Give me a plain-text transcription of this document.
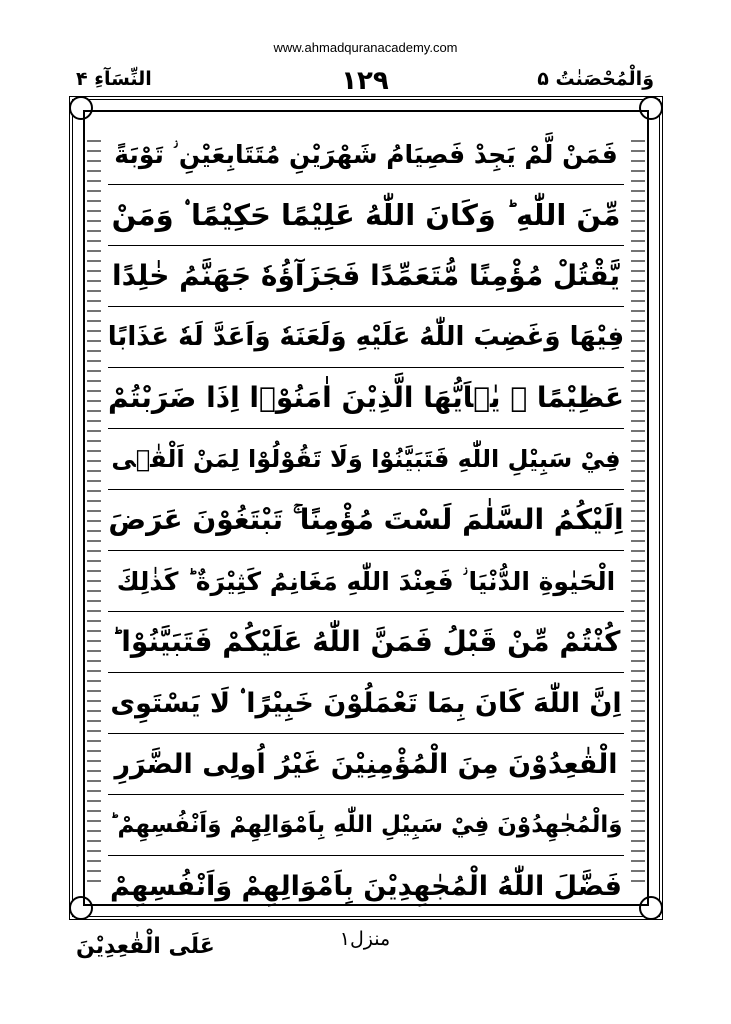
www.ahmadquranacademy.com
وَالْمُحْصَنٰتُ ۵
۱۲۹
النِّسَآءِ ۴
فَمَنْ لَّمْ يَجِدْ فَصِيَامُ شَهْرَيْنِ مُتَتَابِعَيْنِ ؗ تَوْبَةً
مِّنَ اللّٰهِ ؕ وَكَانَ اللّٰهُ عَلِيْمًا حَكِيْمًا ۟ وَمَنْ
يَّقْتُلْ مُؤْمِنًا مُّتَعَمِّدًا فَجَزَآؤُهٗ جَهَنَّمُ خٰلِدًا
فِيْهَا وَغَضِبَ اللّٰهُ عَلَيْهِ وَلَعَنَهٗ وَاَعَدَّ لَهٗ عَذَابًا
عَظِيْمًا ۟ يٰۤاَيُّهَا الَّذِيْنَ اٰمَنُوْۤا اِذَا ضَرَبْتُمْ
فِيْ سَبِيْلِ اللّٰهِ فَتَبَيَّنُوْا وَلَا تَقُوْلُوْا لِمَنْ اَلْقٰۤى
اِلَيْكُمُ السَّلٰمَ لَسْتَ مُؤْمِنًا ۚ تَبْتَغُوْنَ عَرَضَ
الْحَيٰوةِ الدُّنْيَا ؗ فَعِنْدَ اللّٰهِ مَغَانِمُ كَثِيْرَةٌ ؕ كَذٰلِكَ
كُنْتُمْ مِّنْ قَبْلُ فَمَنَّ اللّٰهُ عَلَيْكُمْ فَتَبَيَّنُوْا ؕ
اِنَّ اللّٰهَ كَانَ بِمَا تَعْمَلُوْنَ خَبِيْرًا ۟ لَا يَسْتَوِى
الْقٰعِدُوْنَ مِنَ الْمُؤْمِنِيْنَ غَيْرُ اُولِى الضَّرَرِ
وَالْمُجٰهِدُوْنَ فِيْ سَبِيْلِ اللّٰهِ بِاَمْوَالِهِمْ وَاَنْفُسِهِمْ ؕ
فَضَّلَ اللّٰهُ الْمُجٰهِدِيْنَ بِاَمْوَالِهِمْ وَاَنْفُسِهِمْ
منزل۱
عَلَى الْقٰعِدِيْنَ
